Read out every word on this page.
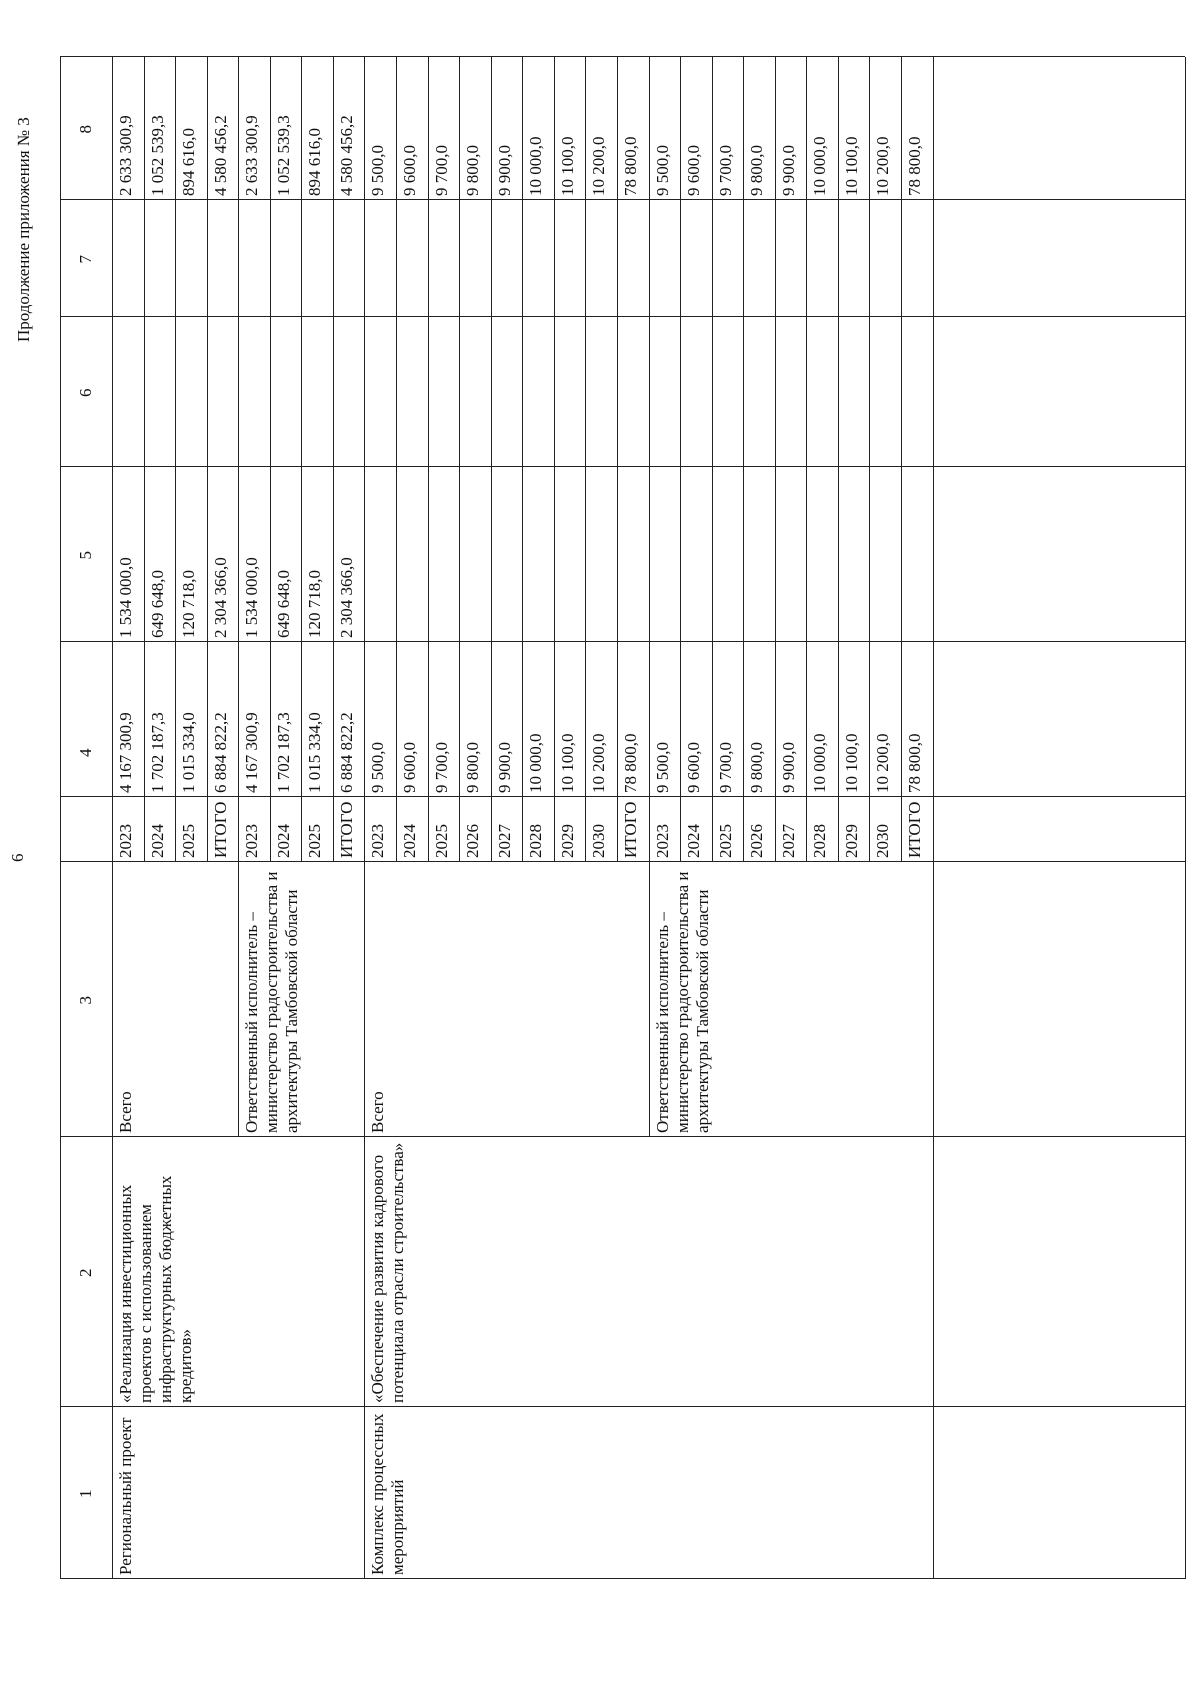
6
Продолжение приложения № 3
1
2
3
4
5
6
7
8
Региональный проект
«Реализация инвестиционных проектов с использованием инфраструктурных бюджетных кредитов»
Всего
2023
4 167 300,9
1 534 000,0
2 633 300,9
2024
1 702 187,3
649 648,0
1 052 539,3
2025
1 015 334,0
120 718,0
894 616,0
ИТОГО
6 884 822,2
2 304 366,0
4 580 456,2
Ответственный исполнитель – министерство градостроительства и архитектуры Тамбовской области
2023
4 167 300,9
1 534 000,0
2 633 300,9
2024
1 702 187,3
649 648,0
1 052 539,3
2025
1 015 334,0
120 718,0
894 616,0
ИТОГО
6 884 822,2
2 304 366,0
4 580 456,2
Комплекс процессных мероприятий
«Обеспечение развития кадрового потенциала отрасли строительства»
Всего
2023
9 500,0
9 500,0
2024
9 600,0
9 600,0
2025
9 700,0
9 700,0
2026
9 800,0
9 800,0
2027
9 900,0
9 900,0
2028
10 000,0
10 000,0
2029
10 100,0
10 100,0
2030
10 200,0
10 200,0
ИТОГО
78 800,0
78 800,0
Ответственный исполнитель – министерство градостроительства и архитектуры Тамбовской области
2023
9 500,0
9 500,0
2024
9 600,0
9 600,0
2025
9 700,0
9 700,0
2026
9 800,0
9 800,0
2027
9 900,0
9 900,0
2028
10 000,0
10 000,0
2029
10 100,0
10 100,0
2030
10 200,0
10 200,0
ИТОГО
78 800,0
78 800,0
